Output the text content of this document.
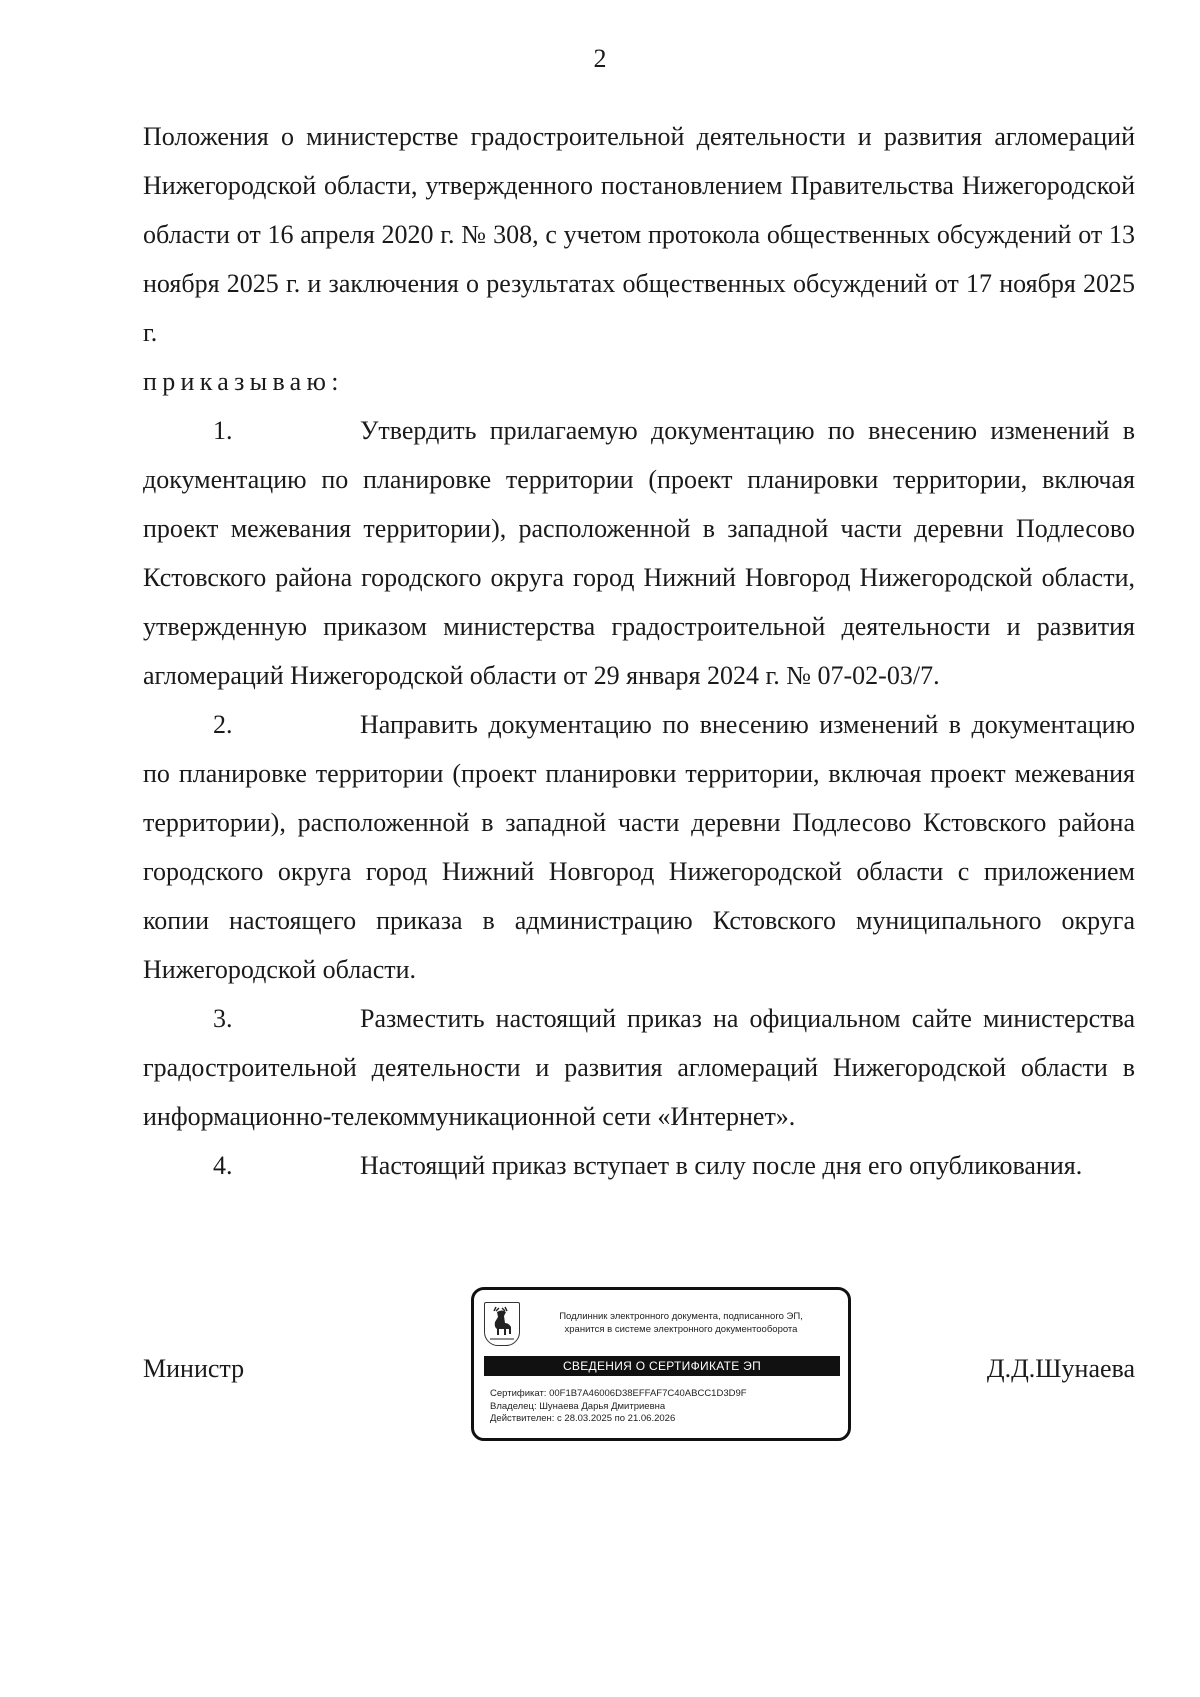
2

Положения о министерстве градостроительной деятельности и развития агломераций Нижегородской области, утвержденного постановлением Правительства Нижегородской области от 16 апреля 2020 г. № 308, с учетом протокола общественных обсуждений от 13 ноября 2025 г. и заключения о результатах общественных обсуждений от 17 ноября 2025 г.

приказываю:

1.	Утвердить прилагаемую документацию по внесению изменений в документацию по планировке территории (проект планировки территории, включая проект межевания территории), расположенной в западной части деревни Подлесово Кстовского района городского округа город Нижний Новгород Нижегородской области, утвержденную приказом министерства градостроительной деятельности и развития агломераций Нижегородской области от 29 января 2024 г. № 07-02-03/7.

2.	Направить документацию по внесению изменений в документацию по планировке территории (проект планировки территории, включая проект межевания территории), расположенной в западной части деревни Подлесово Кстовского района городского округа город Нижний Новгород Нижегородской области с приложением копии настоящего приказа в администрацию Кстовского муниципального округа Нижегородской области.

3.	Разместить настоящий приказ на официальном сайте министерства градостроительной деятельности и развития агломераций Нижегородской области в информационно-телекоммуникационной сети «Интернет».

4.	Настоящий приказ вступает в силу после дня его опубликования.

Министр
Подлинник электронного документа, подписанного ЭП,
хранится в системе электронного документооборота
СВЕДЕНИЯ О СЕРТИФИКАТЕ ЭП
Сертификат: 00F1B7A46006D38EFFAF7C40ABCC1D3D9F
Владелец: Шунаева Дарья Дмитриевна
Действителен: с 28.03.2025 по 21.06.2026
Д.Д.Шунаева
